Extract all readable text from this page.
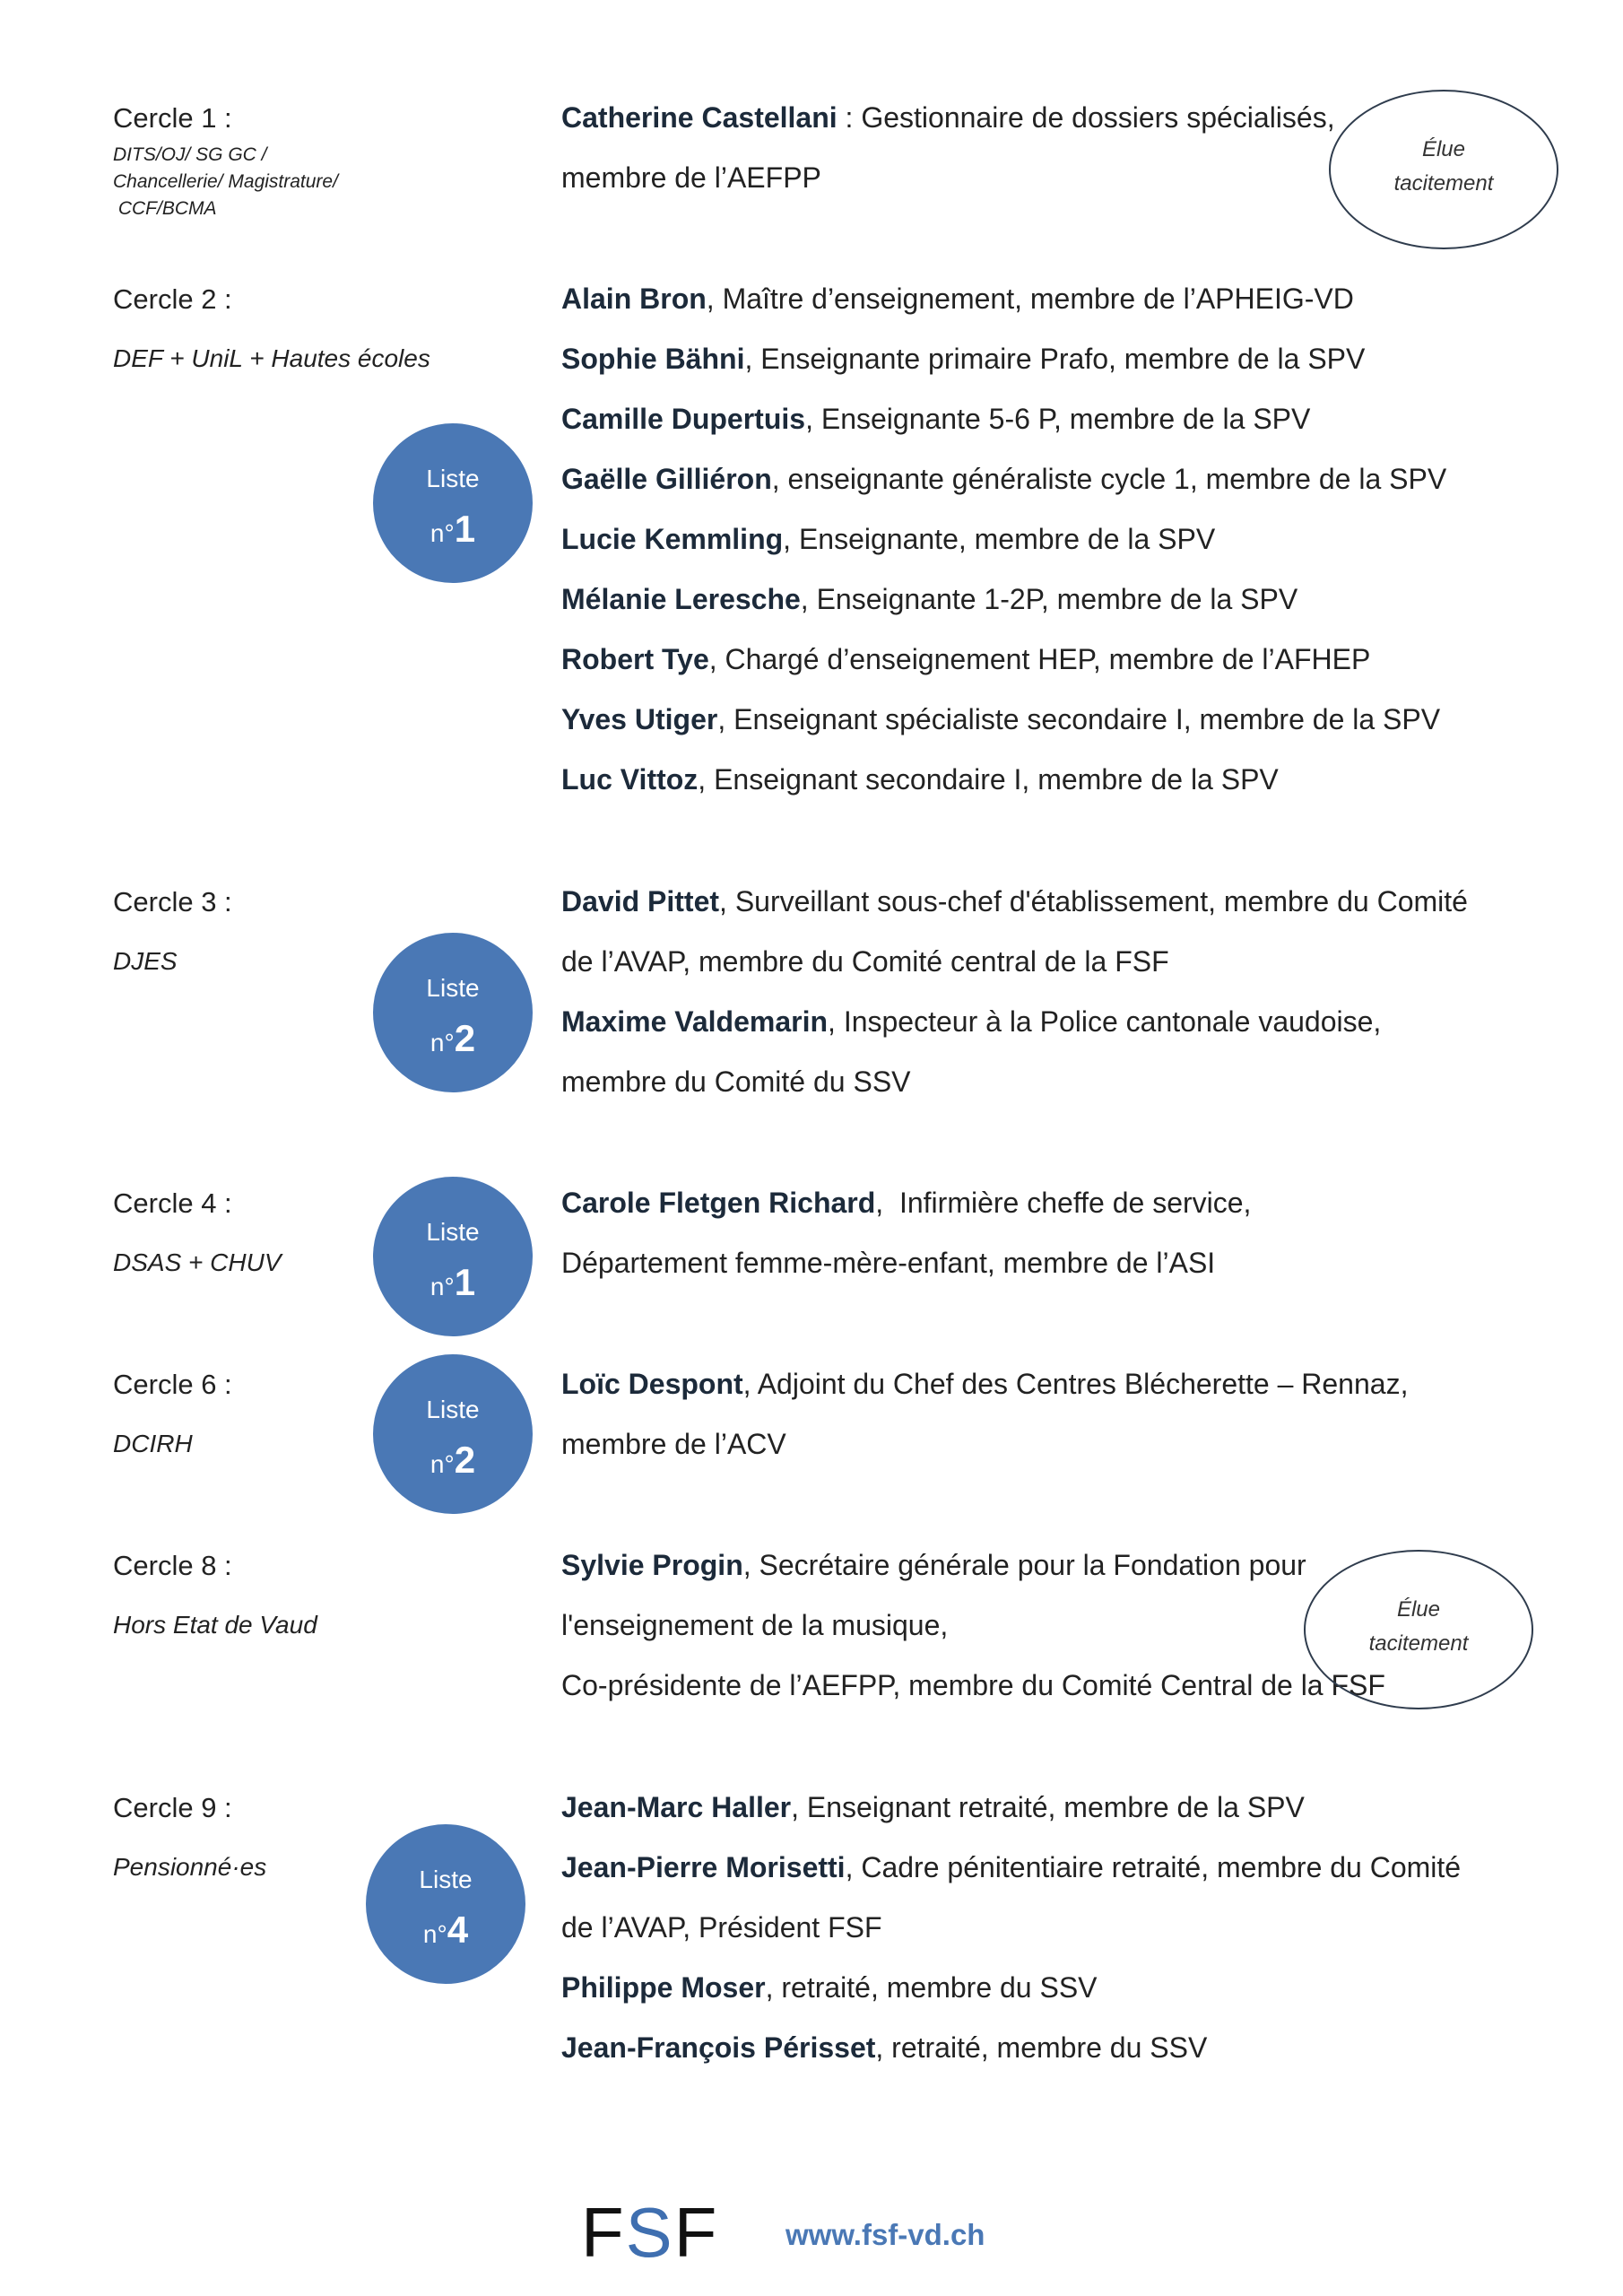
Cercle 1 :
DITS/OJ/ SG GC /
Chancellerie/ Magistrature/
CCF/BCMA
Catherine Castellani : Gestionnaire de dossiers spécialisés,
membre de l’AEFPP
Élue
tacitement
Cercle 2 :
DEF + UniL + Hautes écoles
Liste
n°1
Alain Bron, Maître d’enseignement, membre de l’APHEIG-VD
Sophie Bähni, Enseignante primaire Prafo, membre de la SPV
Camille Dupertuis, Enseignante 5-6 P, membre de la SPV
Gaëlle Gilliéron, enseignante généraliste cycle 1, membre de la SPV
Lucie Kemmling, Enseignante, membre de la SPV
Mélanie Leresche, Enseignante 1-2P, membre de la SPV
Robert Tye, Chargé d’enseignement HEP, membre de l’AFHEP
Yves Utiger, Enseignant spécialiste secondaire I, membre de la SPV
Luc Vittoz, Enseignant secondaire I, membre de la SPV
Cercle 3 :
DJES
Liste
n°2
David Pittet, Surveillant sous-chef d'établissement, membre du Comité
de l’AVAP, membre du Comité central de la FSF
Maxime Valdemarin, Inspecteur à la Police cantonale vaudoise,
membre du Comité du SSV
Cercle 4 :
DSAS + CHUV
Liste
n°1
Carole Fletgen Richard,  Infirmière cheffe de service,
Département femme-mère-enfant, membre de l’ASI
Cercle 6 :
DCIRH
Liste
n°2
Loïc Despont, Adjoint du Chef des Centres Blécherette – Rennaz,
membre de l’ACV
Cercle 8 :
Hors Etat de Vaud
Sylvie Progin, Secrétaire générale pour la Fondation pour
l'enseignement de la musique,
Co-présidente de l’AEFPP, membre du Comité Central de la FSF
Élue
tacitement
Cercle 9 :
Pensionné·es	Liste
n°4
Jean-Marc Haller, Enseignant retraité, membre de la SPV
Jean-Pierre Morisetti, Cadre pénitentiaire retraité, membre du Comité
de l’AVAP, Président FSF
Philippe Moser, retraité, membre du SSV
Jean-François Périsset, retraité, membre du SSV
FSF www.fsf-vd.ch
